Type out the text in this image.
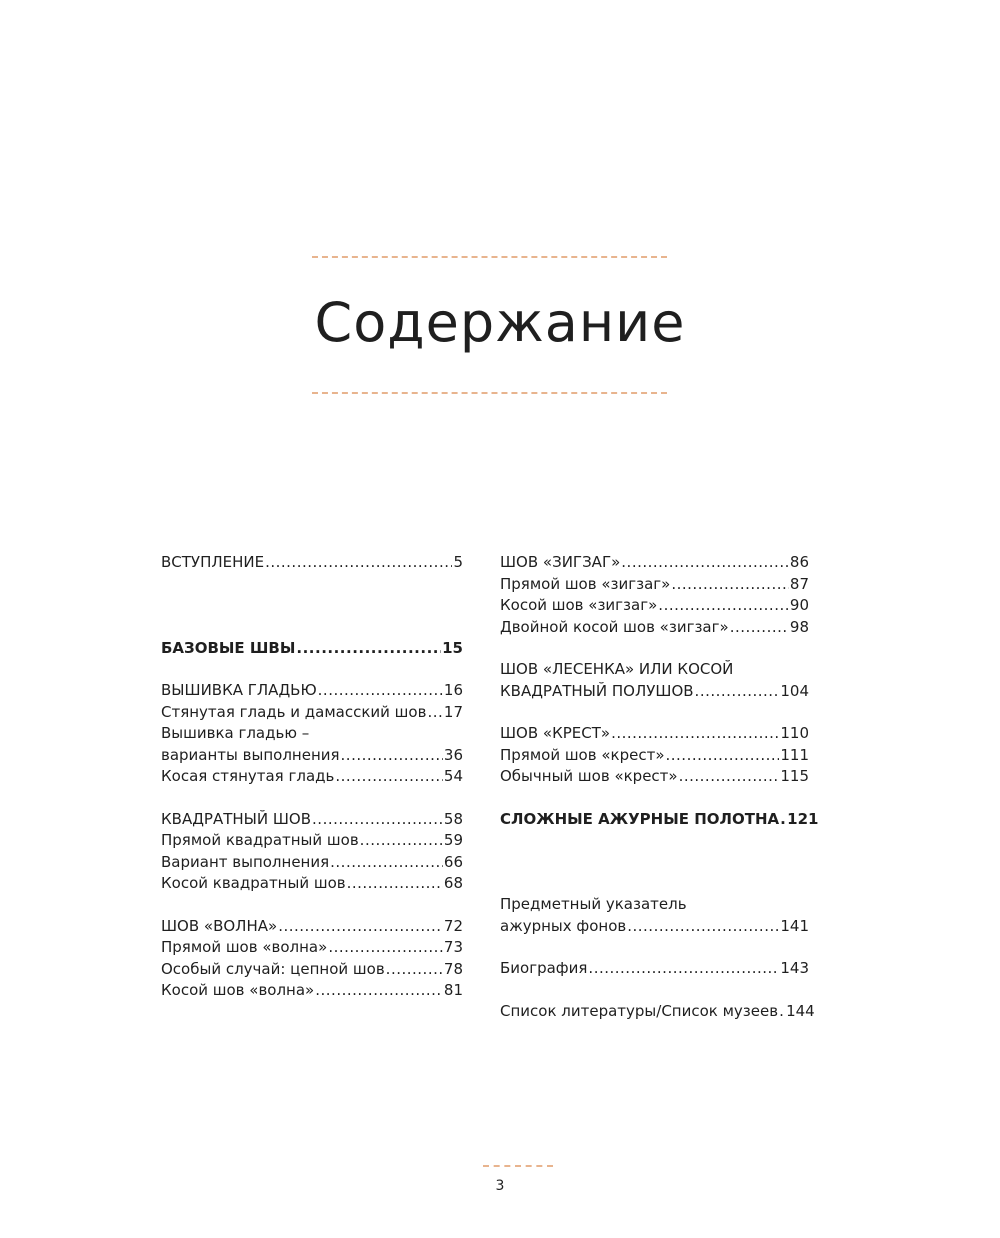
Содержание
ВСТУПЛЕНИЕ .....	5
БАЗОВЫЕ ШВЫ .....	15
ВЫШИВКА ГЛАДЬЮ .....	16
Стянутая гладь и дамасский шов ..... 17
Вышивка гладью –
варианты выполнения .....	36
Косая стянутая гладь .....	54
КВАДРАТНЫЙ ШОВ .....	58
Прямой квадратный шов .....	59
Вариант выполнения .....	66
Косой квадратный шов .....	68
ШОВ «ВОЛНА» .....	72
Прямой шов «волна» .....	73
Особый случай: цепной шов .....	78
Косой шов «волна» .....	81
ШОВ «ЗИГЗАГ» .....	86
Прямой шов «зигзаг» .....	87
Косой шов «зигзаг» .....	90
Двойной косой шов «зигзаг» .....	98
ШОВ «ЛЕСЕНКА» ИЛИ КОСОЙ
КВАДРАТНЫЙ ПОЛУШОВ .....	104
ШОВ «КРЕСТ» .....	110
Прямой шов «крест» .....	111
Обычный шов «крест» .....	115
СЛОЖНЫЕ АЖУРНЫЕ ПОЛОТНА ..... 121
Предметный указатель
ажурных фонов .....	141
Биография .....	143
Список литературы/Список музеев ..... 144
3
